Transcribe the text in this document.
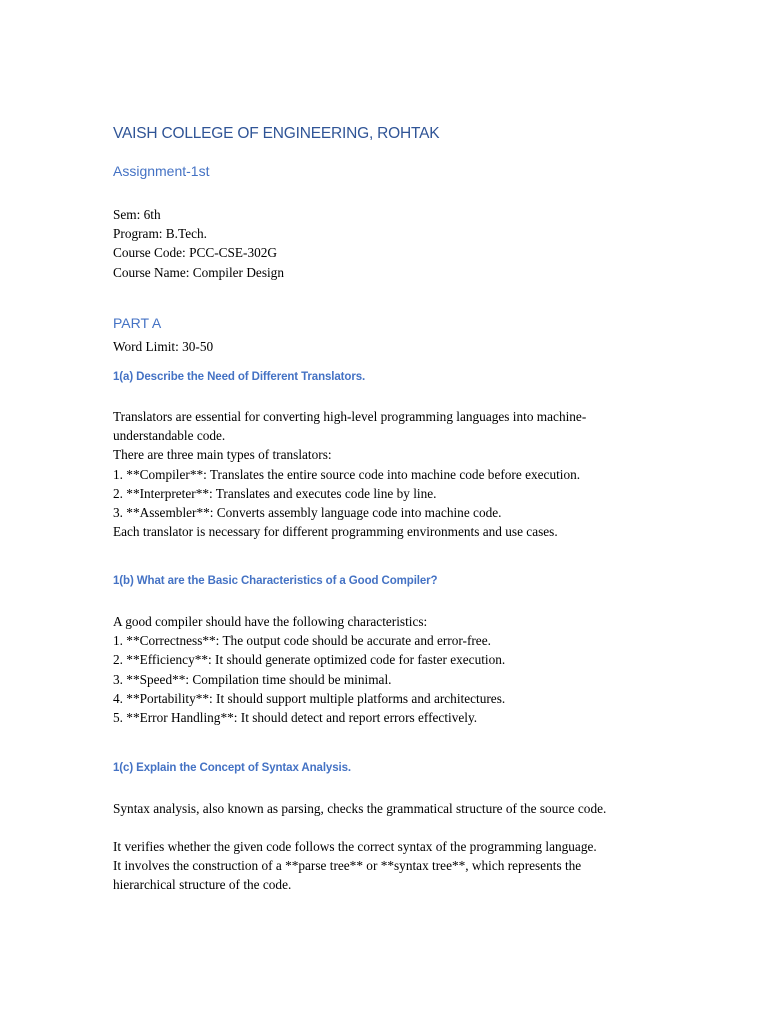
VAISH COLLEGE OF ENGINEERING, ROHTAK
Assignment-1st
Sem: 6th
Program: B.Tech.
Course Code: PCC-CSE-302G
Course Name: Compiler Design
PART A
Word Limit: 30-50
1(a) Describe the Need of Different Translators.
Translators are essential for converting high-level programming languages into machine-
understandable code.
There are three main types of translators:
1. **Compiler**: Translates the entire source code into machine code before execution.
2. **Interpreter**: Translates and executes code line by line.
3. **Assembler**: Converts assembly language code into machine code.
Each translator is necessary for different programming environments and use cases.
1(b) What are the Basic Characteristics of a Good Compiler?
A good compiler should have the following characteristics:
1. **Correctness**: The output code should be accurate and error-free.
2. **Efficiency**: It should generate optimized code for faster execution.
3. **Speed**: Compilation time should be minimal.
4. **Portability**: It should support multiple platforms and architectures.
5. **Error Handling**: It should detect and report errors effectively.
1(c) Explain the Concept of Syntax Analysis.
Syntax analysis, also known as parsing, checks the grammatical structure of the source code.
It verifies whether the given code follows the correct syntax of the programming language.
It involves the construction of a **parse tree** or **syntax tree**, which represents the
hierarchical structure of the code.
